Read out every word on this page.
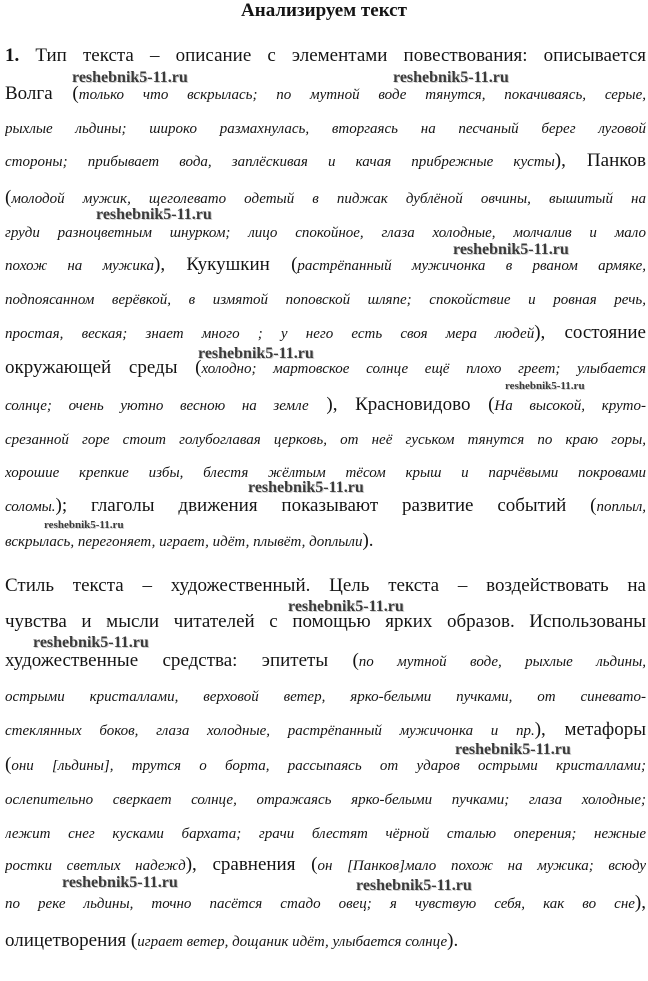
Анализируем текст
1. Тип текста – описание с элементами повествования: описывается
Волга (только что вскрылась; по мутной воде тянутся, покачиваясь, серые,
рыхлые льдины; широко размахнулась, вторгаясь на песчаный берег луговой
стороны; прибывает вода, заплёскивая и качая прибрежные кусты), Панков
(молодой мужик, щеголевато одетый в пиджак дублёной овчины, вышитый на
груди разноцветным шнурком; лицо спокойное, глаза холодные, молчалив и мало
похож на мужика), Кукушкин (растрёпанный мужичонка в рваном армяке,
подпоясанном верёвкой, в измятой поповской шляпе; спокойствие и ровная речь,
простая, веская; знает много ; у него есть своя мера людей), состояние
окружающей среды (холодно; мартовское солнце ещё плохо греет; улыбается
солнце; очень уютно весною на земле ), Красновидово (На высокой, круто-
срезанной горе стоит голубоглавая церковь, от неё гуськом тянутся по краю горы,
хорошие крепкие избы, блестя жёлтым тёсом крыш и парчёвыми покровами
соломы.); глаголы движения показывают развитие событий (поплыл,
вскрылась, перегоняет, играет, идёт, плывёт, доплыли).
Стиль текста – художественный. Цель текста – воздействовать на
чувства и мысли читателей с помощью ярких образов. Использованы
художественные средства: эпитеты (по мутной воде, рыхлые льдины,
острыми кристаллами, верховой ветер, ярко-белыми пучками, от синевато-
стеклянных боков, глаза холодные, растрёпанный мужичонка и пр.), метафоры
(они [льдины], трутся о борта, рассыпаясь от ударов острыми кристаллами;
ослепительно сверкает солнце, отражаясь ярко-белыми пучками; глаза холодные;
лежит снег кусками бархата; грачи блестят чёрной сталью оперения; нежные
ростки светлых надежд), сравнения (он [Панков]мало похож на мужика; всюду
по реке льдины, точно пасётся стадо овец; я чувствую себя, как во сне),
олицетворения (играет ветер, дощаник идёт, улыбается солнце).
reshebnik5-11.ru	reshebnik5-11.ru
reshebnik5-11.ru
reshebnik5-11.ru
reshebnik5-11.ru
reshebnik5-11.ru
reshebnik5-11.ru
reshebnik5-11.ru
reshebnik5-11.ru
reshebnik5-11.ru
reshebnik5-11.ru
reshebnik5-11.ru	reshebnik5-11.ru
